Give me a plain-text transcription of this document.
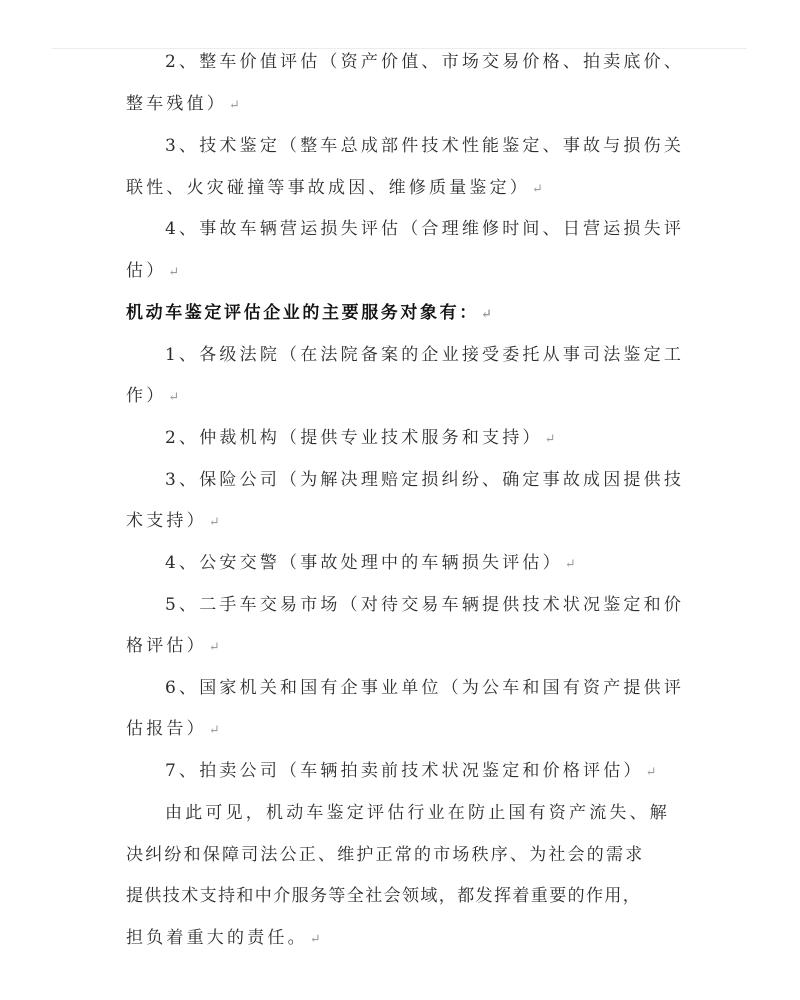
2、整车价值评估（资产价值、市场交易价格、拍卖底价、
整车残值） ↵
3、技术鉴定（整车总成部件技术性能鉴定、事故与损伤关
联性、火灾碰撞等事故成因、维修质量鉴定） ↵
4、事故车辆营运损失评估（合理维修时间、日营运损失评
估） ↵
机动车鉴定评估企业的主要服务对象有： ↵
1、各级法院（在法院备案的企业接受委托从事司法鉴定工
作） ↵
2、仲裁机构（提供专业技术服务和支持） ↵
3、保险公司（为解决理赔定损纠纷、确定事故成因提供技
术支持） ↵
4、公安交警（事故处理中的车辆损失评估） ↵
5、二手车交易市场（对待交易车辆提供技术状况鉴定和价
格评估） ↵
6、国家机关和国有企事业单位（为公车和国有资产提供评
估报告） ↵
7、拍卖公司（车辆拍卖前技术状况鉴定和价格评估） ↵
由此可见，机动车鉴定评估行业在防止国有资产流失、解
决纠纷和保障司法公正、维护正常的市场秩序、为社会的需求
提供技术支持和中介服务等全社会领域，都发挥着重要的作用，
担负着重大的责任。 ↵
